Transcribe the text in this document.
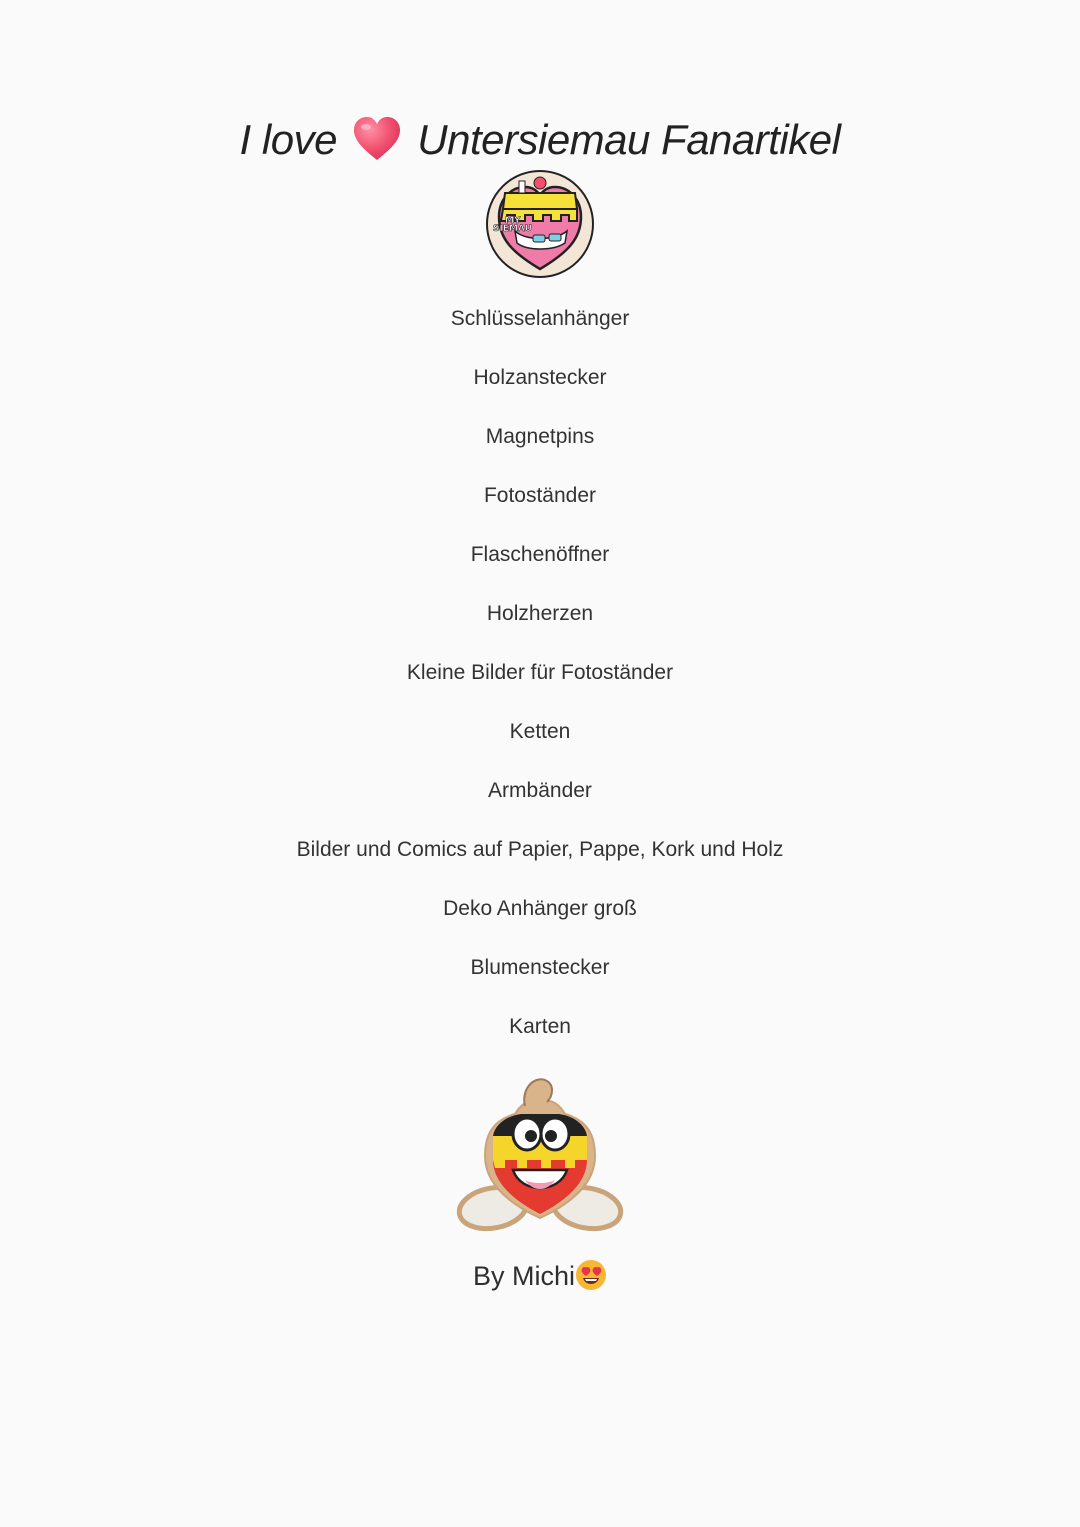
I love Untersiemau Fanartikel
MY
SIEMAU
Schlüsselanhänger
Holzanstecker
Magnetpins
Fotoständer
Flaschenöffner
Holzherzen
Kleine Bilder für Fotoständer
Ketten
Armbänder
Bilder und Comics auf Papier, Pappe, Kork und Holz
Deko Anhänger groß
Blumenstecker
Karten
By Michi
